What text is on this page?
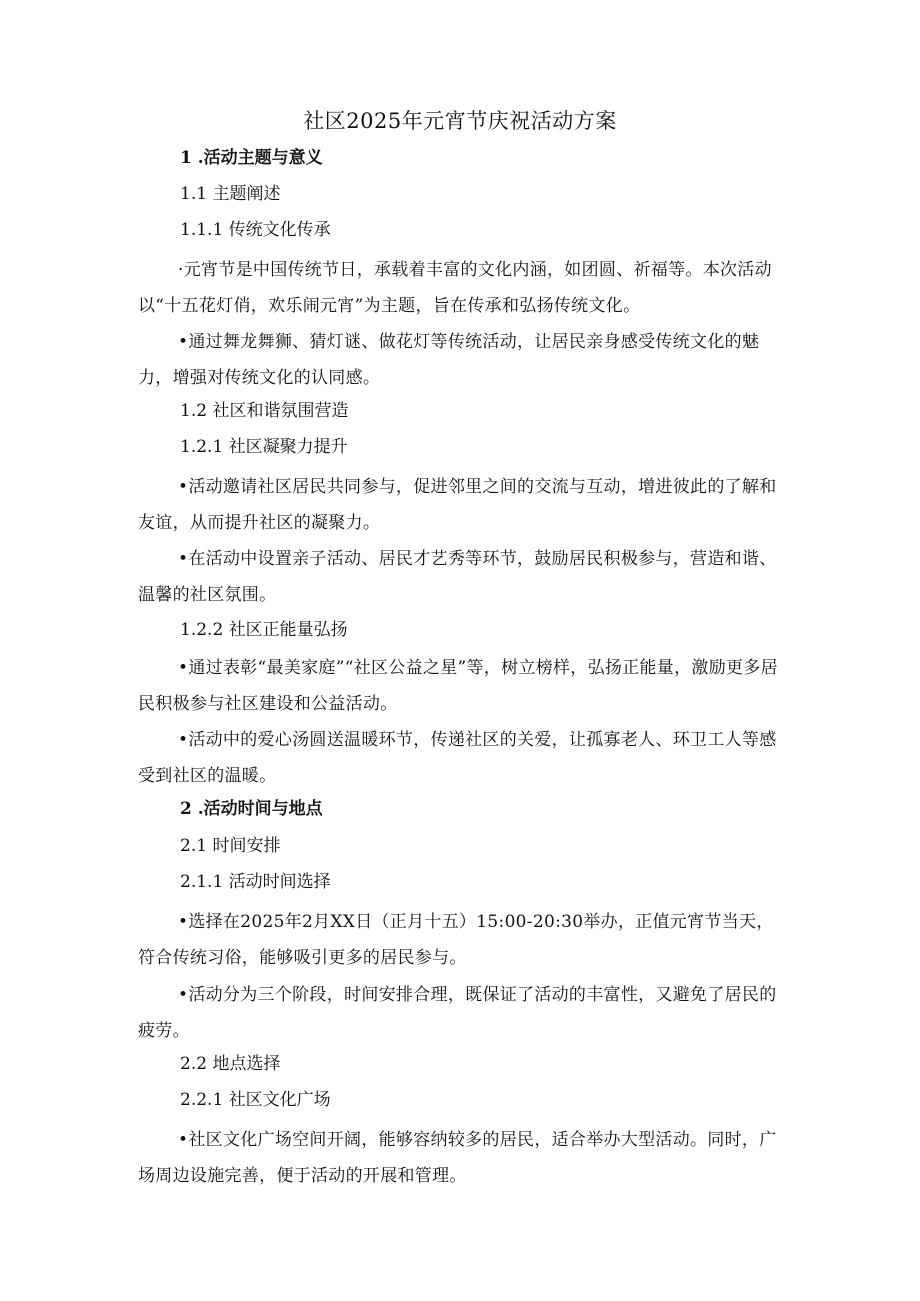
社区2025年元宵节庆祝活动方案
1 .活动主题与意义
1.1 主题阐述
1.1.1 传统文化传承
·元宵节是中国传统节日，承载着丰富的文化内涵，如团圆、祈福等。本次活动以“十五花灯俏，欢乐闹元宵”为主题，旨在传承和弘扬传统文化。
•通过舞龙舞狮、猜灯谜、做花灯等传统活动，让居民亲身感受传统文化的魅力，增强对传统文化的认同感。
1.2 社区和谐氛围营造
1.2.1 社区凝聚力提升
•活动邀请社区居民共同参与，促进邻里之间的交流与互动，增进彼此的了解和友谊，从而提升社区的凝聚力。
•在活动中设置亲子活动、居民才艺秀等环节，鼓励居民积极参与，营造和谐、温馨的社区氛围。
1.2.2 社区正能量弘扬
•通过表彰“最美家庭”“社区公益之星”等，树立榜样，弘扬正能量，激励更多居民积极参与社区建设和公益活动。
•活动中的爱心汤圆送温暖环节，传递社区的关爱，让孤寡老人、环卫工人等感受到社区的温暖。
2 .活动时间与地点
2.1 时间安排
2.1.1 活动时间选择
•选择在2025年2月XX日（正月十五）15:00-20:30举办，正值元宵节当天，符合传统习俗，能够吸引更多的居民参与。
•活动分为三个阶段，时间安排合理，既保证了活动的丰富性，又避免了居民的疲劳。
2.2 地点选择
2.2.1 社区文化广场
•社区文化广场空间开阔，能够容纳较多的居民，适合举办大型活动。同时，广场周边设施完善，便于活动的开展和管理。
